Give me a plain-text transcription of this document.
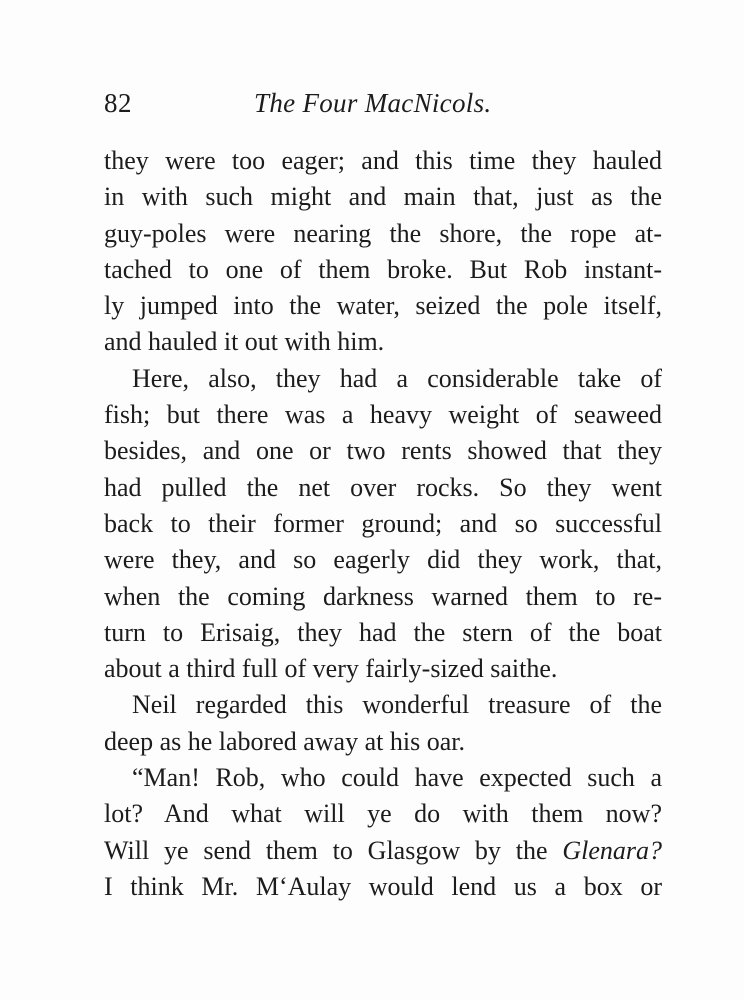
82	The Four MacNicols.
they were too eager; and this time they hauled
in with such might and main that, just as the
guy-poles were nearing the shore, the rope at-
tached to one of them broke. But Rob instant-
ly jumped into the water, seized the pole itself,
and hauled it out with him.
Here, also, they had a considerable take of
fish; but there was a heavy weight of seaweed
besides, and one or two rents showed that they
had pulled the net over rocks. So they went
back to their former ground; and so successful
were they, and so eagerly did they work, that,
when the coming darkness warned them to re-
turn to Erisaig, they had the stern of the boat
about a third full of very fairly-sized saithe.
Neil regarded this wonderful treasure of the
deep as he labored away at his oar.
“Man! Rob, who could have expected such a
lot? And what will ye do with them now?
Will ye send them to Glasgow by the Glenara?
I think Mr. M‘Aulay would lend us a box or
